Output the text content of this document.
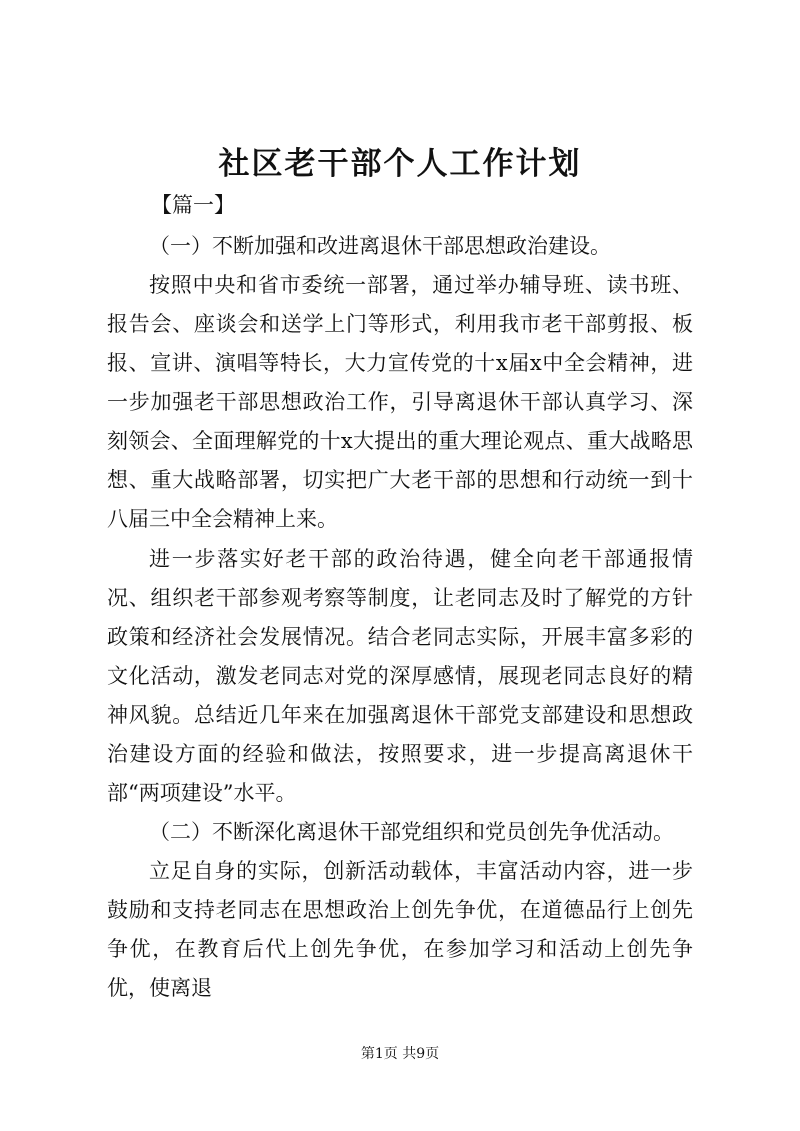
社区老干部个人工作计划

【篇一】

（一）不断加强和改进离退休干部思想政治建设。

按照中央和省市委统一部署，通过举办辅导班、读书班、报告会、座谈会和送学上门等形式，利用我市老干部剪报、板报、宣讲、演唱等特长，大力宣传党的十x届x中全会精神，进一步加强老干部思想政治工作，引导离退休干部认真学习、深刻领会、全面理解党的十x大提出的重大理论观点、重大战略思想、重大战略部署，切实把广大老干部的思想和行动统一到十八届三中全会精神上来。

进一步落实好老干部的政治待遇，健全向老干部通报情况、组织老干部参观考察等制度，让老同志及时了解党的方针政策和经济社会发展情况。结合老同志实际，开展丰富多彩的文化活动，激发老同志对党的深厚感情，展现老同志良好的精神风貌。总结近几年来在加强离退休干部党支部建设和思想政治建设方面的经验和做法，按照要求，进一步提高离退休干部“两项建设”水平。

（二）不断深化离退休干部党组织和党员创先争优活动。

立足自身的实际，创新活动载体，丰富活动内容，进一步鼓励和支持老同志在思想政治上创先争优，在道德品行上创先争优，在教育后代上创先争优，在参加学习和活动上创先争优，使离退

第1页 共9页
